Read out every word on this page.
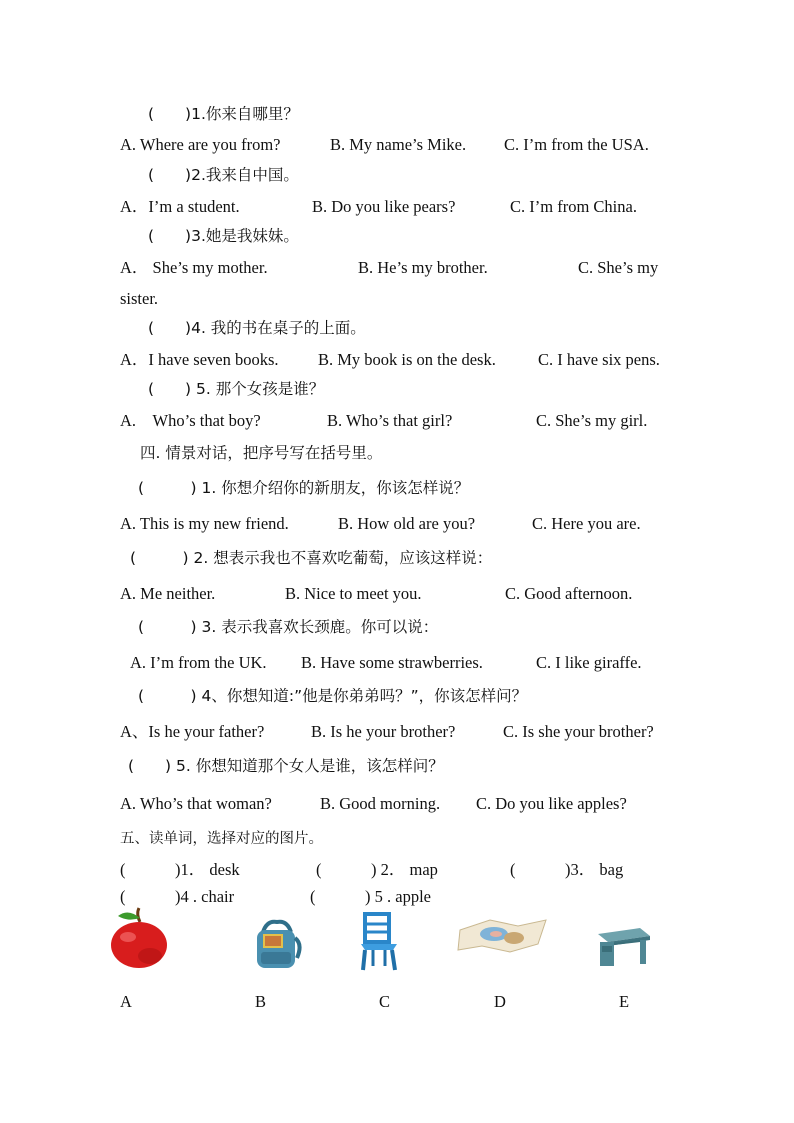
(　　)1.你来自哪里？
A. Where are you from?	B. My name’s Mike. C. I’m from the USA.
(　　)2.我来自中国。
A．I’m a student.	B. Do you like pears?	C. I’m from China.
(　　)3.她是我妹妹。
A． She’s my mother.	B. He’s my brother.	C. She’s my
sister.
(　　)4. 我的书在桌子的上面。
A．I have seven books. B. My book is on the desk.	C. I have six pens.
(　　) 5. 那个女孩是谁？
A.　Who’s that boy?	B. Who’s that girl?	C. She’s my girl.
四. 情景对话，把序号写在括号里。
(　　　) 1. 你想介绍你的新朋友，你该怎样说？
A. This is my new friend.	B. How old are you?	C. Here you are.
(　　　) 2. 想表示我也不喜欢吃葡萄，应该这样说：
A. Me neither.	B. Nice to meet you.	C. Good afternoon.
(　　　) 3. 表示我喜欢长颈鹿。你可以说：
A. I’m from the UK. B. Have some strawberries.	C. I like giraffe.
(　　　) 4、你想知道:”他是你弟弟吗？”，你该怎样问？
A、Is he your father?	B. Is he your brother?	C. Is she your brother?
(　　) 5. 你想知道那个女人是谁，该怎样问？
A. Who’s that woman?	B. Good morning. C. Do you like apples?
五、读单词，选择对应的图片。
(　　　)1． desk	(　　　) 2． map	(　　　)3． bag
(　　　)4 . chair	(　　　) 5 . apple
A	B	C	D	E
